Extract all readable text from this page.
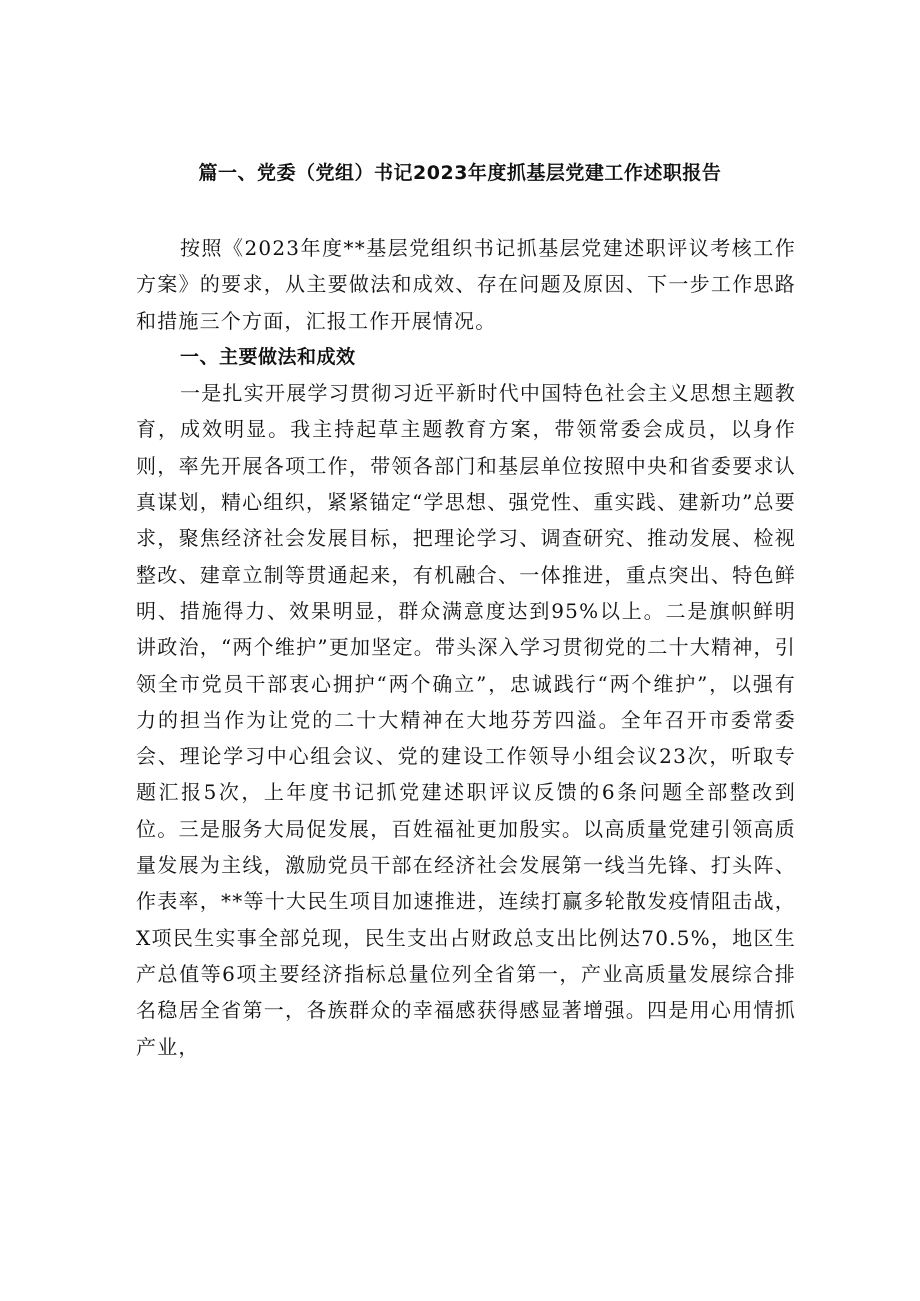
篇一、党委（党组）书记2023年度抓基层党建工作述职报告

按照《2023年度**基层党组织书记抓基层党建述职评议考核工作方案》的要求，从主要做法和成效、存在问题及原因、下一步工作思路和措施三个方面，汇报工作开展情况。

一、主要做法和成效

一是扎实开展学习贯彻习近平新时代中国特色社会主义思想主题教育，成效明显。我主持起草主题教育方案，带领常委会成员，以身作则，率先开展各项工作，带领各部门和基层单位按照中央和省委要求认真谋划，精心组织，紧紧锚定“学思想、强党性、重实践、建新功”总要求，聚焦经济社会发展目标，把理论学习、调查研究、推动发展、检视整改、建章立制等贯通起来，有机融合、一体推进，重点突出、特色鲜明、措施得力、效果明显，群众满意度达到95%以上。二是旗帜鲜明讲政治，“两个维护”更加坚定。带头深入学习贯彻党的二十大精神，引领全市党员干部衷心拥护“两个确立”，忠诚践行“两个维护”，以强有力的担当作为让党的二十大精神在大地芬芳四溢。全年召开市委常委会、理论学习中心组会议、党的建设工作领导小组会议23次，听取专题汇报5次，上年度书记抓党建述职评议反馈的6条问题全部整改到位。三是服务大局促发展，百姓福祉更加殷实。以高质量党建引领高质量发展为主线，激励党员干部在经济社会发展第一线当先锋、打头阵、作表率，**等十大民生项目加速推进，连续打赢多轮散发疫情阻击战，X项民生实事全部兑现，民生支出占财政总支出比例达70.5%，地区生产总值等6项主要经济指标总量位列全省第一，产业高质量发展综合排名稳居全省第一，各族群众的幸福感获得感显著增强。四是用心用情抓产业，
